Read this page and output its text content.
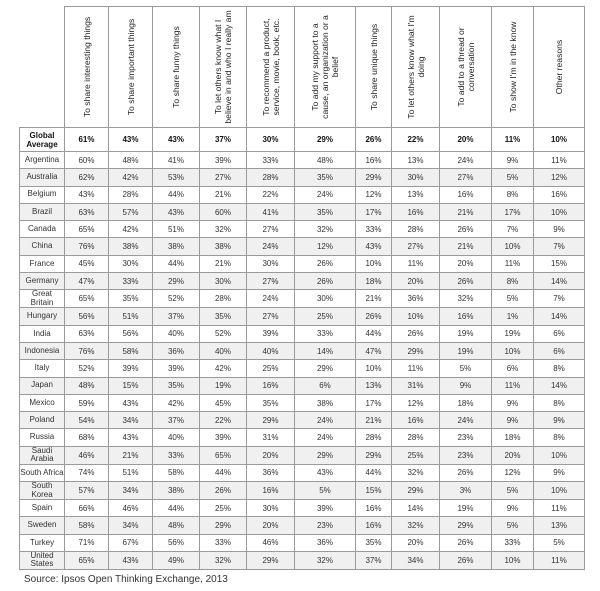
	To share interesting things	To share important things	To share funny things	To let others know what I believe in and who I really am	To recommend a product, service, movie, book, etc.	To add my support to a cause, an organization or a belief	To share unique things	To let others know what I'm doing	To add to a thread or conversation	To show I'm in the know	Other reasons

Global Average	61%	43%	43%	37%	30%	29%	26%	22%	20%	11%	10%
Argentina	60%	48%	41%	39%	33%	48%	16%	13%	24%	9%	11%
Australia	62%	42%	53%	27%	28%	35%	29%	30%	27%	5%	12%
Belgium	43%	28%	44%	21%	22%	24%	12%	13%	16%	8%	16%
Brazil	63%	57%	43%	60%	41%	35%	17%	16%	21%	17%	10%
Canada	65%	42%	51%	32%	27%	32%	33%	28%	26%	7%	9%
China	76%	38%	38%	38%	24%	12%	43%	27%	21%	10%	7%
France	45%	30%	44%	21%	30%	26%	10%	11%	20%	11%	15%
Germany	47%	33%	29%	30%	27%	26%	18%	20%	26%	8%	14%
Great Britain	65%	35%	52%	28%	24%	30%	21%	36%	32%	5%	7%
Hungary	56%	51%	37%	35%	27%	25%	26%	10%	16%	1%	14%
India	63%	56%	40%	52%	39%	33%	44%	26%	19%	19%	6%
Indonesia	76%	58%	36%	40%	40%	14%	47%	29%	19%	10%	6%
Italy	52%	39%	39%	42%	25%	29%	10%	11%	5%	6%	8%
Japan	48%	15%	35%	19%	16%	6%	13%	31%	9%	11%	14%
Mexico	59%	43%	42%	45%	35%	38%	17%	12%	18%	9%	8%
Poland	54%	34%	37%	22%	29%	24%	21%	16%	24%	9%	9%
Russia	68%	43%	40%	39%	31%	24%	28%	28%	23%	18%	8%
Saudi Arabia	46%	21%	33%	65%	20%	29%	29%	25%	23%	20%	10%
South Africa	74%	51%	58%	44%	36%	43%	44%	32%	26%	12%	9%
South Korea	57%	34%	38%	26%	16%	5%	15%	29%	3%	5%	10%
Spain	66%	46%	44%	25%	30%	39%	16%	14%	19%	9%	11%
Sweden	58%	34%	48%	29%	20%	23%	16%	32%	29%	5%	13%
Turkey	71%	67%	56%	33%	46%	36%	35%	20%	26%	33%	5%
United States	65%	43%	49%	32%	29%	32%	37%	34%	26%	10%	11%
Source: Ipsos Open Thinking Exchange, 2013
